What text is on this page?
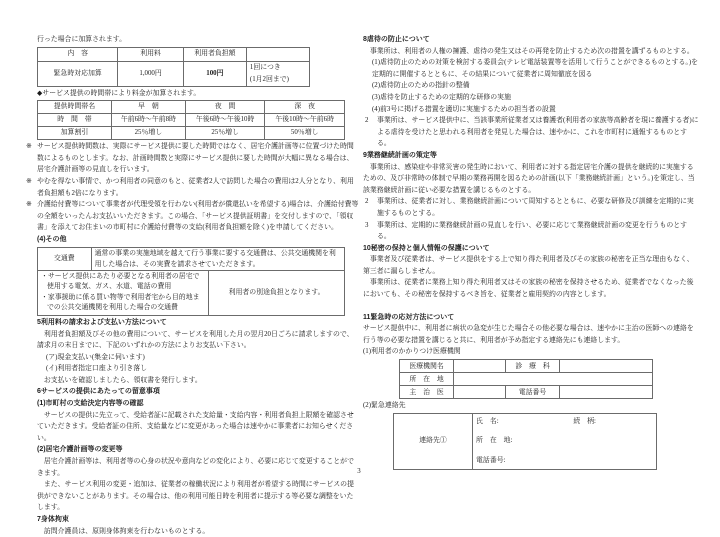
行った場合に加算されます。

内　容	利用料	利用者負担額	
緊急時対応加算	1,000円	100円	1回につき
(1月2回まで)

◆サービス提供の時間帯により料金が加算されます。

提供時間帯名	早　朝	夜　間	深　夜
時　間　帯	午前6時～午前8時	午後6時～午後10時	午後10時～午前6時
加算割引	25％増し	25％増し	50％増し
※ サービス提供時間数は、実際にサービス提供に要した時間ではなく、居宅介護計画等に位置づけた時間数によるものとします。なお、計画時間数と実際にサービス提供に要した時間が大幅に異なる場合は、居宅介護計画等の見直しを行います。
※ やむを得ない事情で、かつ利用者の同意のもと、従業者2人で訪問した場合の費用は2人分となり、利用者負担額も2倍になります。
※ 介護給付費等について事業者が代理受領を行わない(利用者が償還払いを希望する)場合は、介護給付費等の全額をいったんお支払いいただきます。この場合、「サービス提供証明書」を交付しますので、「領収書」を添えてお住まいの市町村に介護給付費等の支給(利用者負担額を除く)を申請してください。

(4)その他

交通費	通常の事業の実施地域を越えて行う事業に要する交通費は、公共交通機関を利用した場合は、その実費を請求させていただきます。
・サービス提供にあたり必要となる利用者の居宅で使用する電気、ガス、水道、電話の費用
・家事援助に係る買い物等で利用者宅から目的地までの公共交通機関を利用した場合の交通費
	利用者の別途負担となります。

5利用料の請求および支払い方法について

利用者負担額及びその他の費用について、サービスを利用した月の翌月20日ごろに請求しますので、請求月の末日までに、下記のいずれかの方法によりお支払い下さい。

(ア)現金支払い(集金に伺います)

(イ)利用者指定口座より引き落し

お支払いを確認しましたら、領収書を発行します。

6サービスの提供にあたっての留意事項

(1)市町村の支給決定内容等の確認

サービスの提供に先立って、受給者証に記載された支給量・支給内容・利用者負担上限額を確認させていただきます。受給者証の住所、支給量などに変更があった場合は速やかに事業者にお知らせください。

(2)居宅介護計画等の変更等

居宅介護計画等は、利用者等の心身の状況や意向などの変化により、必要に応じて変更することができます。

また、サービス利用の変更・追加は、従業者の稼働状況により利用者が希望する時間にサービスの提供ができないことがあります。その場合は、他の利用可能日時を利用者に提示する等必要な調整をいたします。

7身体拘束

訪問介護員は、原則身体拘束を行わないものとする。

8虐待の防止について

事業所は、利用者の人権の擁護、虐待の発生又はその再発を防止するため次の措置を講ずるものとする。

(1)虐待防止のための対策を検討する委員会(テレビ電話装置等を活用して行うことができるものとする。)を定期的に開催するとともに、その結果について従業者に周知徹底を図る

(2)虐待防止のための指針の整備

(3)虐待を防止するための定期的な研修の実施

(4)前3号に掲げる措置を適切に実施するための担当者の設置

2	事業所は、サービス提供中に、当該事業所従業者又は養護者(利用者の家族等高齢者を現に養護する者)による虐待を受けたと思われる利用者を発見した場合は、速やかに、これを市町村に通報するものとする。

9業務継続計画の策定等

事業所は、感染症や非常災害の発生時において、利用者に対する指定居宅介護の提供を継続的に実施するための、及び非常時の体制で早期の業務再開を図るための計画(以下「業務継続計画」という。)を策定し、当該業務継続計画に従い必要な措置を講じるものとする。

2	事業所は、従業者に対し、業務継続計画について周知するとともに、必要な研修及び訓練を定期的に実施するものとする。
3	事業所は、定期的に業務継続計画の見直しを行い、必要に応じて業務継続計画の変更を行うものとする。

10秘密の保持と個人情報の保護について

事業者及び従業者は、サービス提供をする上で知り得た利用者及びその家族の秘密を正当な理由もなく、第三者に漏らしません。

事業所は、従業者に業務上知り得た利用者又はその家族の秘密を保持させるため、従業者でなくなった後においても、その秘密を保持するべき旨を、従業者と雇用契約の内容とします。

11緊急時の応対方法について

サービス提供中に、利用者に病状の急変が生じた場合その他必要な場合は、速やかに主治の医師への連絡を行う等の必要な措置を講じると共に、利用者が予め指定する連絡先にも連絡します。

(1)利用者のかかりつけ医療機関

医療機関名		診　療　科	
所　在　地			
主　治　医		電話番号	

(2)緊急連絡先

連絡先①	
氏　名:	続　柄:
所　在　地:
電話番号:
3
